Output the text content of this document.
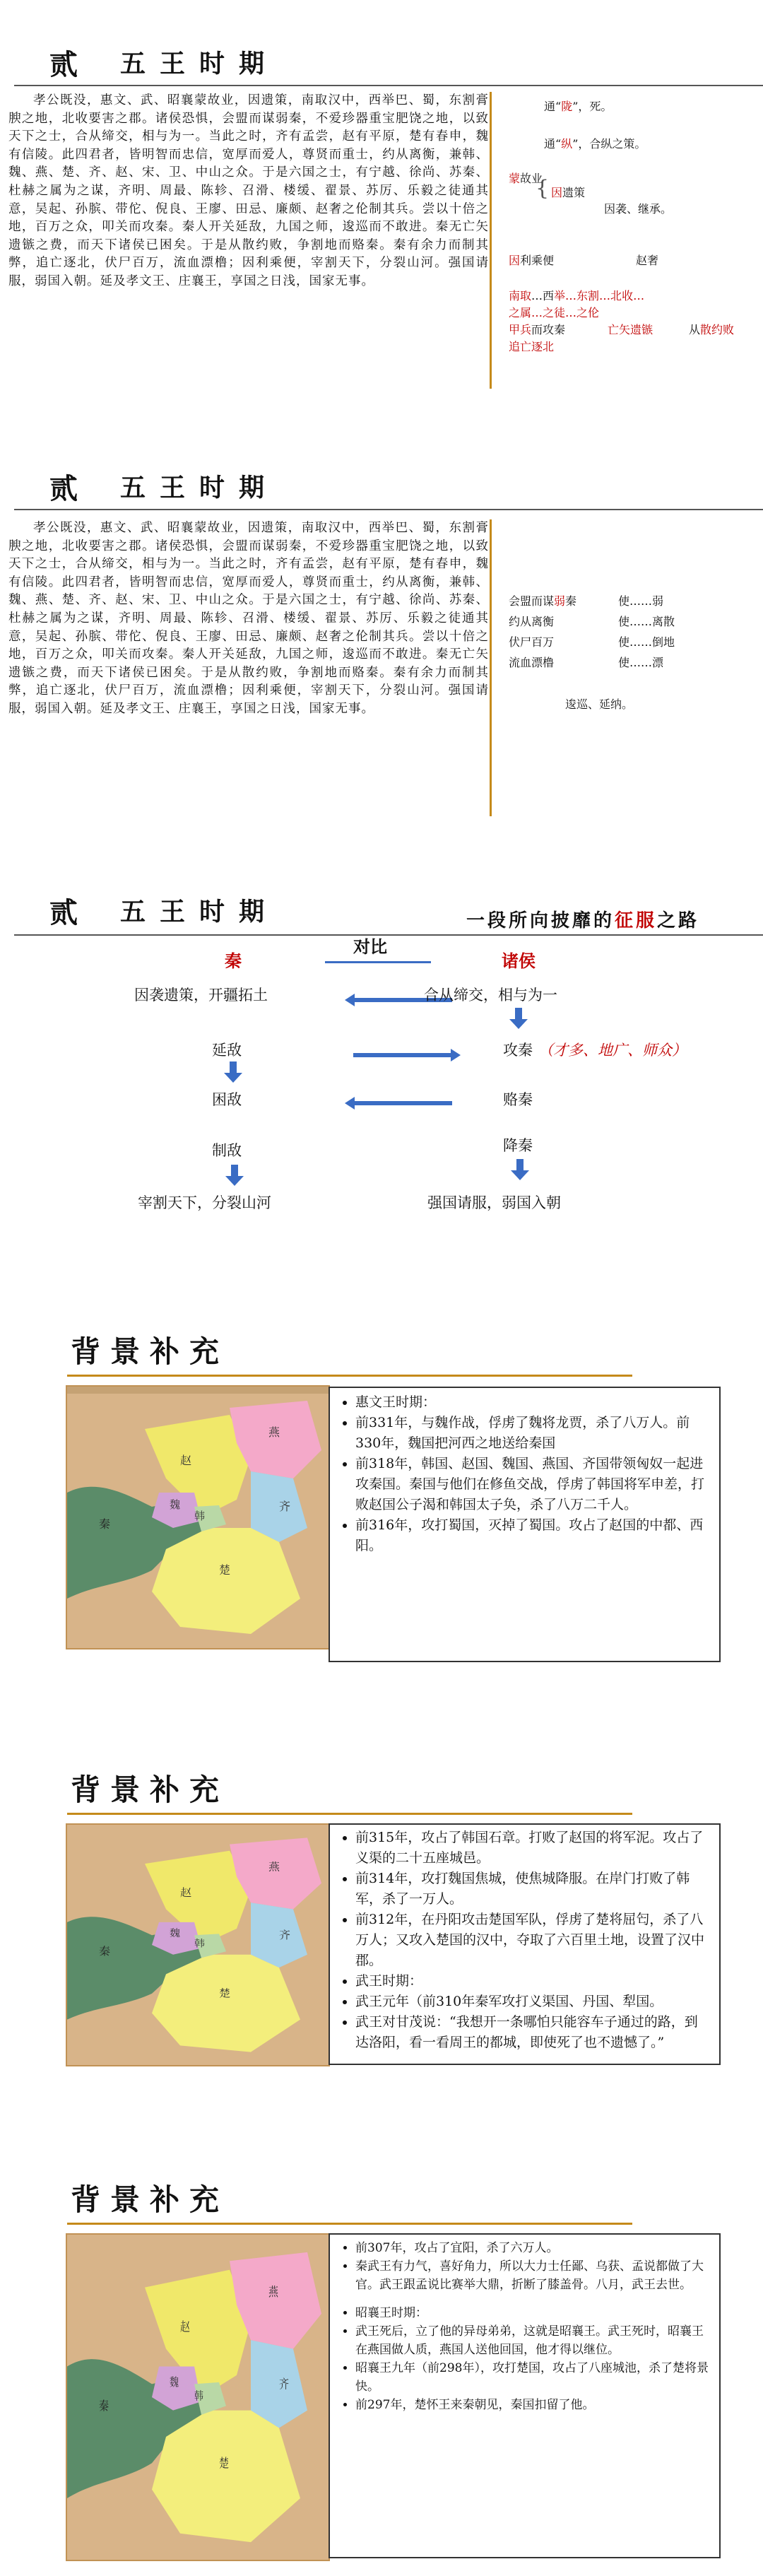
贰 五王时期

孝公既没，惠文、武、昭襄蒙故业，因遗策，南取汉中，西举巴、蜀，东割膏腴之地，北收要害之郡。诸侯恐惧，会盟而谋弱秦，不爱珍器重宝肥饶之地，以致天下之士，合从缔交，相与为一。当此之时，齐有孟尝，赵有平原，楚有春申，魏有信陵。此四君者，皆明智而忠信，宽厚而爱人，尊贤而重士，约从离衡，兼韩、魏、燕、楚、齐、赵、宋、卫、中山之众。于是六国之士，有宁越、徐尚、苏秦、杜赫之属为之谋，齐明、周最、陈轸、召滑、楼缓、翟景、苏厉、乐毅之徒通其意，吴起、孙膑、带佗、倪良、王廖、田忌、廉颇、赵奢之伦制其兵。尝以十倍之地，百万之众，叩关而攻秦。秦人开关延敌，九国之师，逡巡而不敢进。秦无亡矢遗镞之费，而天下诸侯已困矣。于是从散约败，争割地而赂秦。秦有余力而制其弊，追亡逐北，伏尸百万，流血漂橹；因利乘便，宰割天下，分裂山河。强国请服，弱国入朝。延及孝文王、庄襄王，享国之日浅，国家无事。

通“陇”，死。
通“纵”，合纵之策。
蒙故业
{ 因遗策
因袭、继承。
因利乘便	赵奢
南取…西举…东割…北收…
之属…之徒…之伦
甲兵而攻秦	亡矢遗镞	从散约败
追亡逐北
贰 五王时期

孝公既没，惠文、武、昭襄蒙故业，因遗策，南取汉中，西举巴、蜀，东割膏腴之地，北收要害之郡。诸侯恐惧，会盟而谋弱秦，不爱珍器重宝肥饶之地，以致天下之士，合从缔交，相与为一。当此之时，齐有孟尝，赵有平原，楚有春申，魏有信陵。此四君者，皆明智而忠信，宽厚而爱人，尊贤而重士，约从离衡，兼韩、魏、燕、楚、齐、赵、宋、卫、中山之众。于是六国之士，有宁越、徐尚、苏秦、杜赫之属为之谋，齐明、周最、陈轸、召滑、楼缓、翟景、苏厉、乐毅之徒通其意，吴起、孙膑、带佗、倪良、王廖、田忌、廉颇、赵奢之伦制其兵。尝以十倍之地，百万之众，叩关而攻秦。秦人开关延敌，九国之师，逡巡而不敢进。秦无亡矢遗镞之费，而天下诸侯已困矣。于是从散约败，争割地而赂秦。秦有余力而制其弊，追亡逐北，伏尸百万，流血漂橹；因利乘便，宰割天下，分裂山河。强国请服，弱国入朝。延及孝文王、庄襄王，享国之日浅，国家无事。

会盟而谋弱秦	使……弱
约从离衡	使……离散
伏尸百万	使……倒地
流血漂橹	使……漂
逡巡、延纳。
贰 五王时期	一段所向披靡的征服之路
对比
秦	诸侯
因袭遗策，开疆拓土	合从缔交，相与为一
延敌	攻秦 （才多、地广、师众）
困敌	赂秦
制敌	降秦
宰割天下，分裂山河	强国请服，弱国入朝
背景补充
燕
赵
齐
魏
韩
秦
楚
• 惠文王时期：
• 前331年，与魏作战，俘虏了魏将龙贾，杀了八万人。前330年，魏国把河西之地送给秦国
• 前318年，韩国、赵国、魏国、燕国、齐国带领匈奴一起进攻秦国。秦国与他们在修鱼交战，俘虏了韩国将军申差，打败赵国公子渴和韩国太子奂，杀了八万二千人。
• 前316年，攻打蜀国，灭掉了蜀国。攻占了赵国的中都、西阳。
背景补充
燕
赵
齐
魏
韩
秦
楚
• 前315年，攻占了韩国石章。打败了赵国的将军泥。攻占了义渠的二十五座城邑。
• 前314年，攻打魏国焦城，使焦城降服。在岸门打败了韩军，杀了一万人。
• 前312年，在丹阳攻击楚国军队，俘虏了楚将屈匄，杀了八万人；又攻入楚国的汉中，夺取了六百里土地，设置了汉中郡。
• 武王时期：
• 武王元年（前310年秦军攻打义渠国、丹国、犁国。
• 武王对甘茂说：“我想开一条哪怕只能容车子通过的路，到达洛阳，看一看周王的都城，即使死了也不遗憾了。”
背景补充
燕
赵
齐
魏
韩
秦
楚
• 前307年，攻占了宜阳，杀了六万人。
• 秦武王有力气，喜好角力，所以大力士任鄙、乌获、孟说都做了大官。武王跟孟说比赛举大鼎，折断了膝盖骨。八月，武王去世。
• 昭襄王时期：
• 武王死后，立了他的异母弟弟，这就是昭襄王。武王死时，昭襄王在燕国做人质，燕国人送他回国，他才得以继位。
• 昭襄王九年（前298年），攻打楚国，攻占了八座城池，杀了楚将景快。
• 前297年，楚怀王来秦朝见，秦国扣留了他。
